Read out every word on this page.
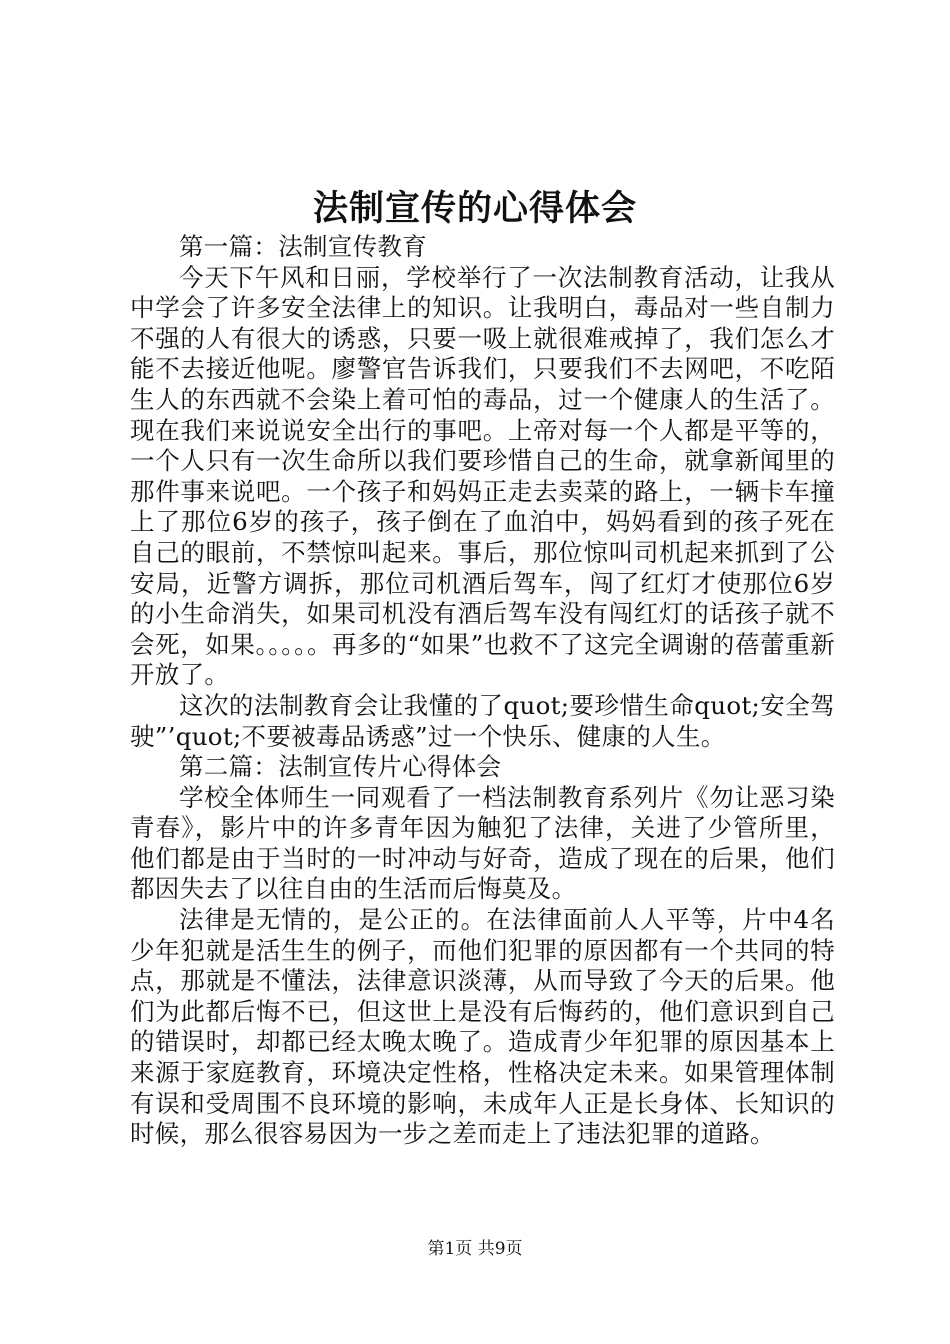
法制宣传的心得体会

第一篇：法制宣传教育

今天下午风和日丽，学校举行了一次法制教育活动，让我从中学会了许多安全法律上的知识。让我明白，毒品对一些自制力不强的人有很大的诱惑，只要一吸上就很难戒掉了，我们怎么才能不去接近他呢。廖警官告诉我们，只要我们不去网吧，不吃陌生人的东西就不会染上着可怕的毒品，过一个健康人的生活了。现在我们来说说安全出行的事吧。上帝对每一个人都是平等的，一个人只有一次生命所以我们要珍惜自己的生命，就拿新闻里的那件事来说吧。一个孩子和妈妈正走去卖菜的路上，一辆卡车撞上了那位6岁的孩子，孩子倒在了血泊中，妈妈看到的孩子死在自己的眼前，不禁惊叫起来。事后，那位惊叫司机起来抓到了公安局，近警方调拆，那位司机酒后驾车，闯了红灯才使那位6岁的小生命消失，如果司机没有酒后驾车没有闯红灯的话孩子就不会死，如果。。。。。再多的“如果”也救不了这完全调谢的蓓蕾重新开放了。

这次的法制教育会让我懂的了quot;要珍惜生命quot;安全驾驶”’quot;不要被毒品诱惑”过一个快乐、健康的人生。

第二篇：法制宣传片心得体会

学校全体师生一同观看了一档法制教育系列片《勿让恶习染青春》，影片中的许多青年因为触犯了法律，关进了少管所里，他们都是由于当时的一时冲动与好奇，造成了现在的后果，他们都因失去了以往自由的生活而后悔莫及。

法律是无情的，是公正的。在法律面前人人平等，片中4名少年犯就是活生生的例子，而他们犯罪的原因都有一个共同的特点，那就是不懂法，法律意识淡薄，从而导致了今天的后果。他们为此都后悔不已，但这世上是没有后悔药的，他们意识到自己的错误时，却都已经太晚太晚了。造成青少年犯罪的原因基本上来源于家庭教育，环境决定性格，性格决定未来。如果管理体制有误和受周围不良环境的影响，未成年人正是长身体、长知识的时候，那么很容易因为一步之差而走上了违法犯罪的道路。

第1页 共9页
